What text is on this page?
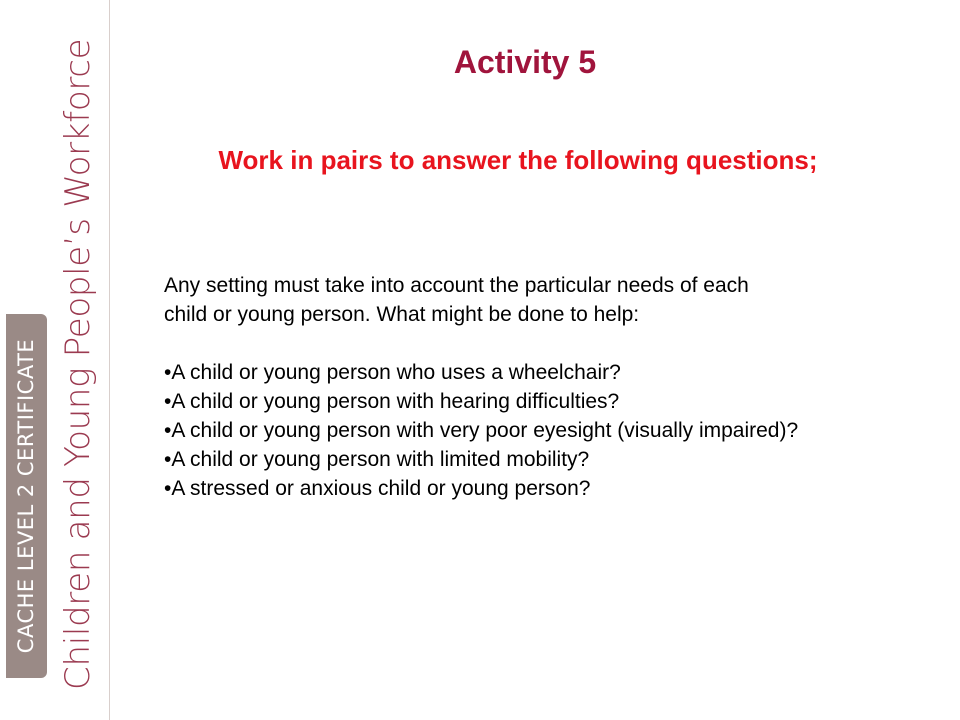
CACHE LEVEL 2 CERTIFICATE Children and Young People’s Workforce	Activity 5
Work in pairs to answer the following questions;

Any setting must take into account the particular needs of each
child or young person. What might be done to help:

•A child or young person who uses a wheelchair?
•A child or young person with hearing difficulties?
•A child or young person with very poor eyesight (visually impaired)?
•A child or young person with limited mobility?
•A stressed or anxious child or young person?
